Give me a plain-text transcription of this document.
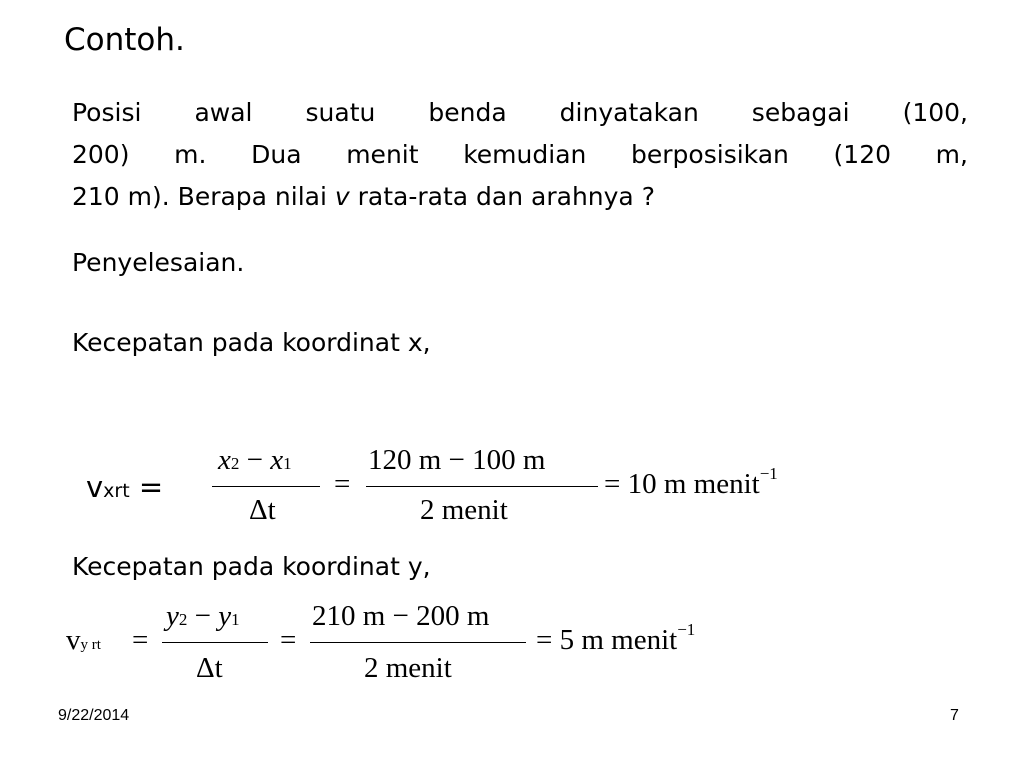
Contoh.
Posisi awal suatu benda dinyatakan sebagai (100,
200) m. Dua menit kemudian berposisikan (120 m,
210 m). Berapa nilai v rata-rata dan arahnya ?
Penyelesaian.
Kecepatan pada koordinat x,
vxrt =
x2 − x1
Δt
=
120 m − 100 m
2 menit
= 10 m menit$^{-1}$
Kecepatan pada koordinat y,
vy rt =
y2 − y1
Δt
=
210 m − 200 m
2 menit
= 5 m menit$^{-1}$
9/22/2014	7
